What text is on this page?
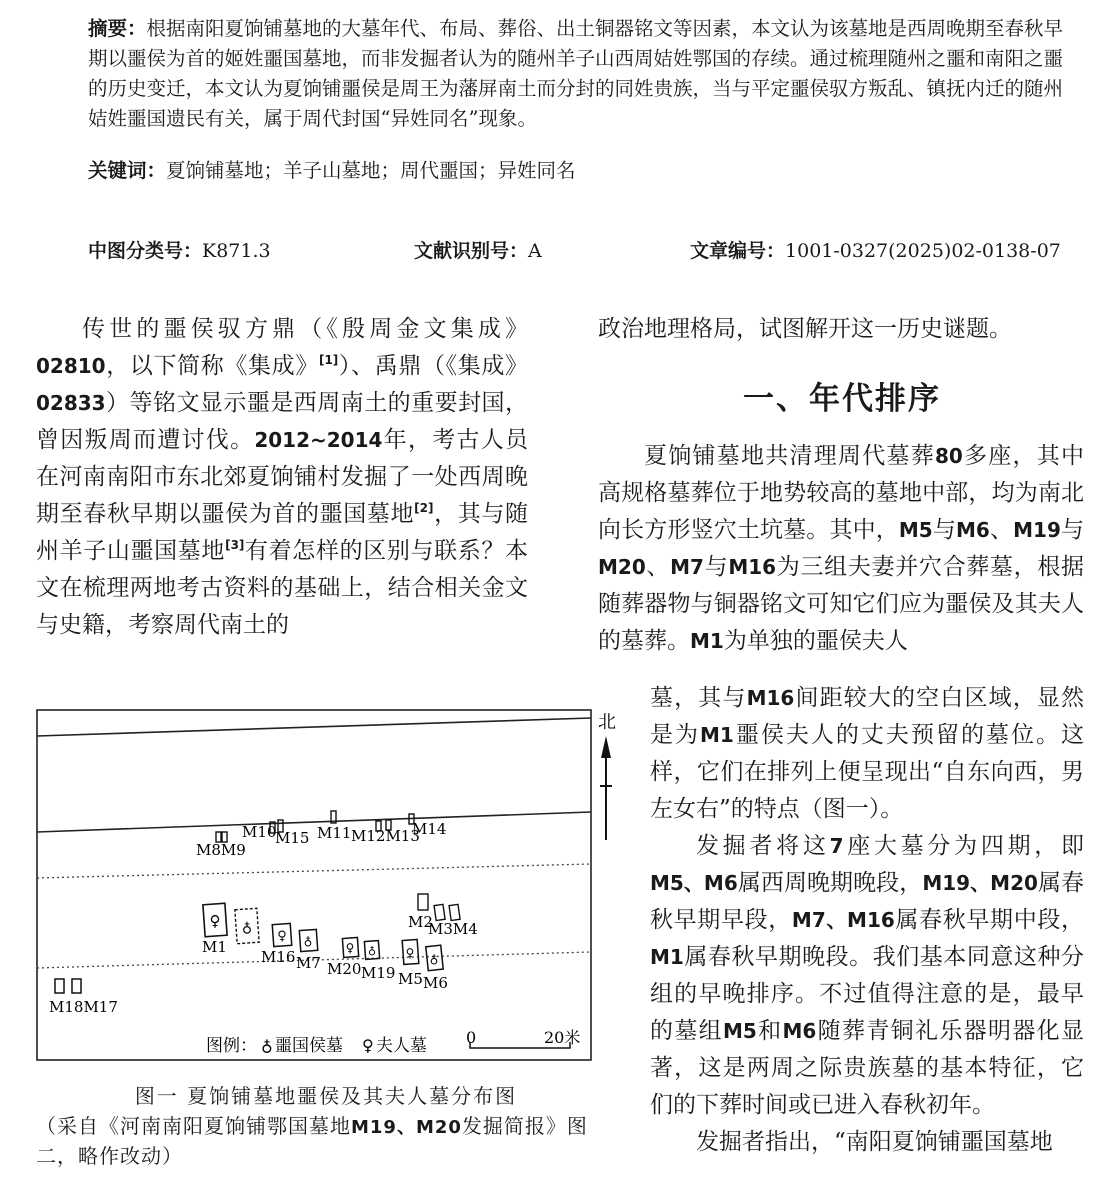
摘要：根据南阳夏饷铺墓地的大墓年代、布局、葬俗、出土铜器铭文等因素，本文认为该墓地是西周晚期至春秋早期以噩侯为首的姬姓噩国墓地，而非发掘者认为的随州羊子山西周姞姓鄂国的存续。通过梳理随州之噩和南阳之噩的历史变迁，本文认为夏饷铺噩侯是周王为藩屏南土而分封的同姓贵族，当与平定噩侯驭方叛乱、镇抚内迁的随州姞姓噩国遗民有关，属于周代封国“异姓同名”现象。
关键词：夏饷铺墓地；羊子山墓地；周代噩国；异姓同名
中图分类号：K871.3	文献识别号：A	文章编号：1001-0327(2025)02-0138-07

传世的噩侯驭方鼎（《殷周金文集成》02810，以下简称《集成》[1]）、禹鼎（《集成》02833）等铭文显示噩是西周南土的重要封国，曾因叛周而遭讨伐。2012~2014年，考古人员在河南南阳市东北郊夏饷铺村发掘了一处西周晚期至春秋早期以噩侯为首的噩国墓地[2]，其与随州羊子山噩国墓地[3]有着怎样的区别与联系？本文在梳理两地考古资料的基础上，结合相关金文与史籍，考察周代南土的

政治地理格局，试图解开这一历史谜题。

一、年代排序

夏饷铺墓地共清理周代墓葬80多座，其中高规格墓葬位于地势较高的墓地中部，均为南北向长方形竖穴土坑墓。其中，M5与M6、M19与M20、M7与M16为三组夫妻并穴合葬墓，根据随葬器物与铜器铭文可知它们应为噩侯及其夫人的墓葬。M1为单独的噩侯夫人

墓，其与M16间距较大的空白区域，显然是为M1噩侯夫人的丈夫预留的墓位。这样，它们在排列上便呈现出“自东向西，男左女右”的特点（图一）。

发掘者将这7座大墓分为四期，即M5、M6属西周晚期晚段，M19、M20属春秋早期早段，M7、M16属春秋早期中段，M1属春秋早期晚段。我们基本同意这种分组的早晚排序。不过值得注意的是，最早的墓组M5和M6随葬青铜礼乐器明器化显著，这是两周之际贵族墓的基本特征，它们的下葬时间或已进入春秋初年。

发掘者指出，“南阳夏饷铺噩国墓地

北
M8M9
M10
M15 M11 M12M13
M14
M2
M3M4
♀ ♁
♀ ♁	♀ ♁ ♀ ♁
M1
M16 M7 M20 M19 M5 M6
M18M17
图例： ♁ 噩国侯墓 ♀ 夫人墓 0	20米
图一 夏饷铺墓地噩侯及其夫人墓分布图
（采自《河南南阳夏饷铺鄂国墓地M19、M20发掘简报》图二，略作改动）
